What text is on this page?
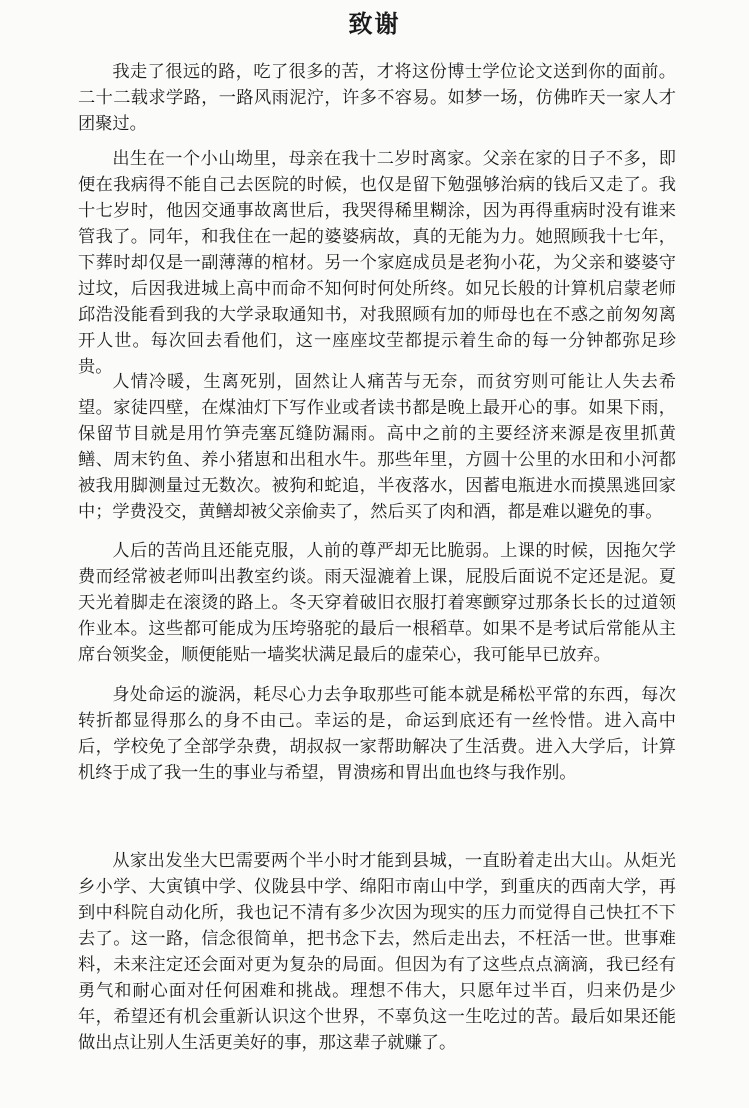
致谢

我走了很远的路，吃了很多的苦，才将这份博士学位论文送到你的面前。二十二载求学路，一路风雨泥泞，许多不容易。如梦一场，仿佛昨天一家人才团聚过。

出生在一个小山坳里，母亲在我十二岁时离家。父亲在家的日子不多，即便在我病得不能自己去医院的时候，也仅是留下勉强够治病的钱后又走了。我十七岁时，他因交通事故离世后，我哭得稀里糊涂，因为再得重病时没有谁来管我了。同年，和我住在一起的婆婆病故，真的无能为力。她照顾我十七年，下葬时却仅是一副薄薄的棺材。另一个家庭成员是老狗小花，为父亲和婆婆守过坟，后因我进城上高中而命不知何时何处所终。如兄长般的计算机启蒙老师邱浩没能看到我的大学录取通知书，对我照顾有加的师母也在不惑之前匆匆离开人世。每次回去看他们，这一座座坟茔都提示着生命的每一分钟都弥足珍贵。

人情冷暖，生离死别，固然让人痛苦与无奈，而贫穷则可能让人失去希望。家徒四壁，在煤油灯下写作业或者读书都是晚上最开心的事。如果下雨，保留节目就是用竹笋壳塞瓦缝防漏雨。高中之前的主要经济来源是夜里抓黄鳝、周末钓鱼、养小猪崽和出租水牛。那些年里，方圆十公里的水田和小河都被我用脚测量过无数次。被狗和蛇追，半夜落水，因蓄电瓶进水而摸黑逃回家中；学费没交，黄鳝却被父亲偷卖了，然后买了肉和酒，都是难以避免的事。

人后的苦尚且还能克服，人前的尊严却无比脆弱。上课的时候，因拖欠学费而经常被老师叫出教室约谈。雨天湿漉着上课，屁股后面说不定还是泥。夏天光着脚走在滚烫的路上。冬天穿着破旧衣服打着寒颤穿过那条长长的过道领作业本。这些都可能成为压垮骆驼的最后一根稻草。如果不是考试后常能从主席台领奖金，顺便能贴一墙奖状满足最后的虚荣心，我可能早已放弃。

身处命运的漩涡，耗尽心力去争取那些可能本就是稀松平常的东西，每次转折都显得那么的身不由己。幸运的是，命运到底还有一丝怜惜。进入高中后，学校免了全部学杂费，胡叔叔一家帮助解决了生活费。进入大学后，计算机终于成了我一生的事业与希望，胃溃疡和胃出血也终与我作别。

从家出发坐大巴需要两个半小时才能到县城，一直盼着走出大山。从炬光乡小学、大寅镇中学、仪陇县中学、绵阳市南山中学，到重庆的西南大学，再到中科院自动化所，我也记不清有多少次因为现实的压力而觉得自己快扛不下去了。这一路，信念很简单，把书念下去，然后走出去，不枉活一世。世事难料，未来注定还会面对更为复杂的局面。但因为有了这些点点滴滴，我已经有勇气和耐心面对任何困难和挑战。理想不伟大，只愿年过半百，归来仍是少年，希望还有机会重新认识这个世界，不辜负这一生吃过的苦。最后如果还能做出点让别人生活更美好的事，那这辈子就赚了。
